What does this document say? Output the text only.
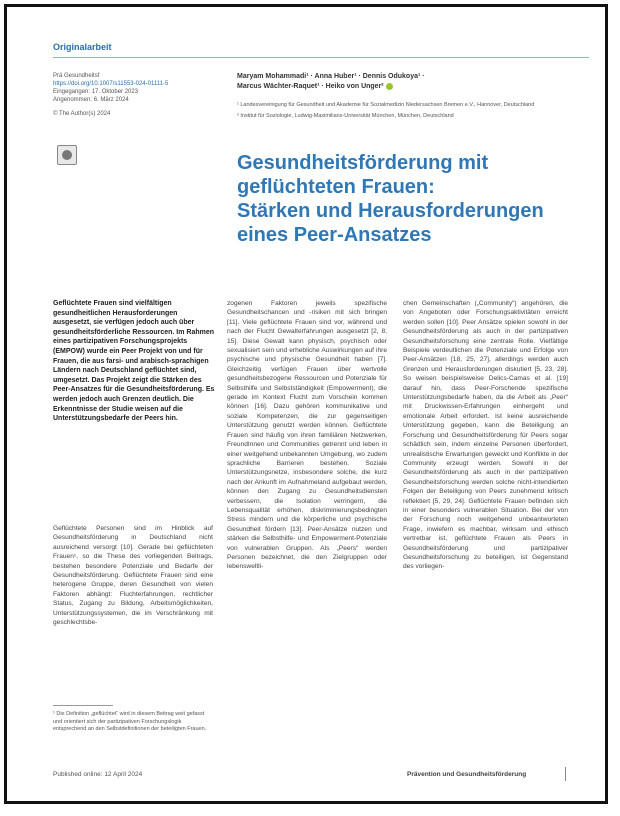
Originalarbeit
Prä Gesundheitsf
https://doi.org/10.1007/s11553-024-01111-5
Eingegangen: 17. Oktober 2023
Angenommen: 6. März 2024
© The Author(s) 2024
Maryam Mohammadi¹ · Anna Huber¹ · Dennis Odukoya¹ ·
Marcus Wächter-Raquet¹ · Heiko von Unger²

¹ Landesvereinigung für Gesundheit und Akademie für Sozialmedizin Niedersachsen Bremen e.V., Hannover, Deutschland

² Institut für Soziologie, Ludwig-Maximilians-Universität München, München, Deutschland

Gesundheitsförderung mit
geflüchteten Frauen:
Stärken und Herausforderungen
eines Peer-Ansatzes
Geflüchtete Frauen sind vielfältigen gesundheitlichen Herausforderungen ausgesetzt, sie verfügen jedoch auch über gesundheitsförderliche Ressourcen. Im Rahmen eines partizipativen Forschungsprojekts (EMPOW) wurde ein Peer Projekt von und für Frauen, die aus farsi- und arabisch-sprachigen Ländern nach Deutschland geflüchtet sind, umgesetzt. Das Projekt zeigt die Stärken des Peer-Ansatzes für die Gesundheitsförderung. Es werden jedoch auch Grenzen deutlich. Die Erkenntnisse der Studie weisen auf die Unterstützungsbedarfe der Peers hin.
Geflüchtete Personen sind im Hinblick auf Gesundheitsförderung in Deutschland nicht ausreichend versorgt [10]. Gerade bei geflüchteten Frauen¹, so die These des vorliegenden Beitrags, bestehen besondere Potenziale und Bedarfe der Gesundheitsförderung. Geflüchtete Frauen sind eine heterogene Gruppe, deren Gesundheit von vielen Faktoren abhängt: Fluchterfahrungen, rechtlicher Status, Zugang zu Bildung, Arbeitsmöglichkeiten, Unterstützungssystemen, die im Verschränkung mit geschlechtsbe-
zogenen Faktoren jeweils spezifische Gesundheitschancen und -risiken mit sich bringen [11]. Viele geflüchtete Frauen sind vor, während und nach der Flucht Gewalterfahrungen ausgesetzt [2, 8, 15]. Diese Gewalt kann physisch, psychisch oder sexualisiert sein und erhebliche Auswirkungen auf ihre psychische und physische Gesundheit haben [7]. Gleichzeitig verfügen Frauen über wertvolle gesundheitsbezogene Ressourcen und Potenziale für Selbsthilfe und Selbstständigkeit (Empowerment), die gerade im Kontext Flucht zum Vorschein kommen können [16]. Dazu gehören kommunikative und soziale Kompetenzen, die zur gegenseitigen Unterstützung genutzt werden können. Geflüchtete Frauen sind häufig von ihren familiären Netzwerken, FreundInnen und Communities getrennt und leben in einer weitgehend unbekannten Umgebung, wo zudem sprachliche Barrieren bestehen. Soziale Unterstützungsnetze, insbesondere solche, die kurz nach der Ankunft im Aufnahmeland aufgebaut werden, können den Zugang zu Gesundheitsdiensten verbessern, die Isolation verringern, die Lebensqualität erhöhen, diskriminierungsbedingten Stress mindern und die körperliche und psychische Gesundheit fördern [13]. Peer-Ansätze nutzen und stärken die Selbsthilfe- und Empowerment-Potenziale von vulnerablen Gruppen. Als „Peers“ werden Personen bezeichnet, die den Zielgruppen oder lebensweltli-
chen Gemeinschaften („Community“) angehören, die von Angeboten oder Forschungsaktivitäten erreicht werden sollen [10]. Peer Ansätze spielen sowohl in der Gesundheitsförderung als auch in der partizipativen Gesundheitsforschung eine zentrale Rolle. Vielfältige Beispiele verdeutlichen die Potenziale und Erfolge von Peer-Ansätzen [18, 25, 27], allerdings werden auch Grenzen und Herausforderungen diskutiert [5, 23, 28]. So weisen beispielsweise Delics-Camas et al. [19] darauf hin, dass Peer-Forschende spezifische Unterstützungsbedarfe haben, da die Arbeit als „Peer“ mit Druckwissen-Erfahrungen einhergeht und emotionale Arbeit erfordert. Ist keine ausreichende Unterstützung gegeben, kann die Beteiligung an Forschung und Gesundheitsförderung für Peers sogar schädlich sein, indem einzelne Personen überfordert, unrealistische Erwartungen geweckt und Konflikte in der Community erzeugt werden. Sowohl in der Gesundheitsförderung als auch in der partizipativen Gesundheitsforschung werden solche nicht-intendierten Folgen der Beteiligung von Peers zunehmend kritisch reflektiert [5, 29, 24]. Geflüchtete Frauen befinden sich in einer besonders vulnerablen Situation. Bei der von der Forschung noch weitgehend unbeantworteten Frage, inwiefern es machbar, wirksam und ethisch vertretbar ist, geflüchtete Frauen als Peers in Gesundheitsförderung und partizipativer Gesundheitsforschung zu beteiligen, ist Gegenstand des vorliegen-
¹ Die Definition „geflüchtet“ wird in diesem Beitrag weit gefasst und orientiert sich der partizipativen Forschungslogik entsprechend an den Selbstdefinitionen der beteiligten Frauen.
Published online: 12 April 2024	Prävention und Gesundheitsförderung
